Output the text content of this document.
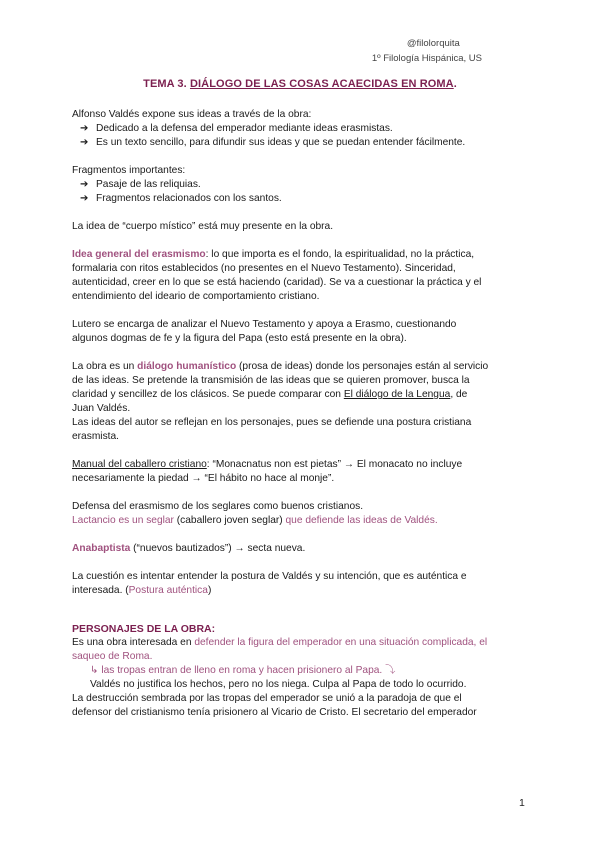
@filolorquita
1º Filología Hispánica, US
TEMA 3. DIÁLOGO DE LAS COSAS ACAECIDAS EN ROMA.

Alfonso Valdés expone sus ideas a través de la obra:

➔ Dedicado a la defensa del emperador mediante ideas erasmistas.
➔ Es un texto sencillo, para difundir sus ideas y que se puedan entender fácilmente.

Fragmentos importantes:

➔ Pasaje de las reliquias.
➔ Fragmentos relacionados con los santos.

La idea de “cuerpo místico” está muy presente en la obra.

Idea general del erasmismo: lo que importa es el fondo, la espiritualidad, no la práctica,

formalaria con ritos establecidos (no presentes en el Nuevo Testamento). Sinceridad,

autenticidad, creer en lo que se está haciendo (caridad). Se va a cuestionar la práctica y el

entendimiento del ideario de comportamiento cristiano.

Lutero se encarga de analizar el Nuevo Testamento y apoya a Erasmo, cuestionando

algunos dogmas de fe y la figura del Papa (esto está presente en la obra).

La obra es un diálogo humanístico (prosa de ideas) donde los personajes están al servicio

de las ideas. Se pretende la transmisión de las ideas que se quieren promover, busca la

claridad y sencillez de los clásicos. Se puede comparar con El diálogo de la Lengua, de

Juan Valdés.

Las ideas del autor se reflejan en los personajes, pues se defiende una postura cristiana

erasmista.

Manual del caballero cristiano: “Monacnatus non est pietas” → El monacato no incluye

necesariamente la piedad → “El hábito no hace al monje”.

Defensa del erasmismo de los seglares como buenos cristianos.

Lactancio es un seglar (caballero joven seglar) que defiende las ideas de Valdés.

Anabaptista (“nuevos bautizados”) → secta nueva.

La cuestión es intentar entender la postura de Valdés y su intención, que es auténtica e

interesada. (Postura auténtica)

PERSONAJES DE LA OBRA:

Es una obra interesada en defender la figura del emperador en una situación complicada, el

saqueo de Roma.

↳ las tropas entran de lleno en roma y hacen prisionero al Papa. ⤵

Valdés no justifica los hechos, pero no los niega. Culpa al Papa de todo lo ocurrido.

La destrucción sembrada por las tropas del emperador se unió a la paradoja de que el

defensor del cristianismo tenía prisionero al Vicario de Cristo. El secretario del emperador

1
